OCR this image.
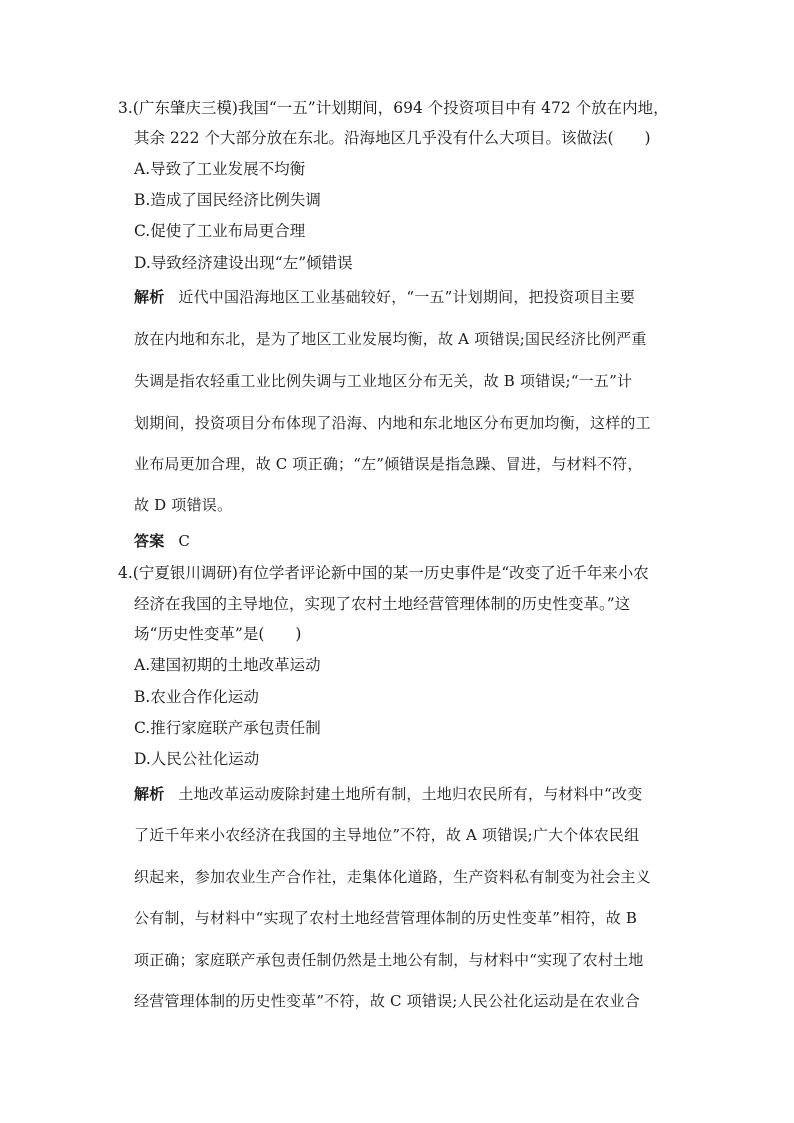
3.(广东肇庆三模)我国“一五”计划期间，694 个投资项目中有 472 个放在内地，
其余 222 个大部分放在东北。沿海地区几乎没有什么大项目。该做法(　　)
A.导致了工业发展不均衡
B.造成了国民经济比例失调
C.促使了工业布局更合理
D.导致经济建设出现“左”倾错误
解析 近代中国沿海地区工业基础较好，“一五”计划期间，把投资项目主要
放在内地和东北，是为了地区工业发展均衡，故 A 项错误;国民经济比例严重
失调是指农轻重工业比例失调与工业地区分布无关，故 B 项错误;“一五”计
划期间，投资项目分布体现了沿海、内地和东北地区分布更加均衡，这样的工
业布局更加合理，故 C 项正确；“左”倾错误是指急躁、冒进，与材料不符，
故 D 项错误。
答案 C
4.(宁夏银川调研)有位学者评论新中国的某一历史事件是“改变了近千年来小农
经济在我国的主导地位，实现了农村土地经营管理体制的历史性变革。”这
场“历史性变革”是(　　)
A.建国初期的土地改革运动
B.农业合作化运动
C.推行家庭联产承包责任制
D.人民公社化运动
解析 土地改革运动废除封建土地所有制，土地归农民所有，与材料中“改变
了近千年来小农经济在我国的主导地位”不符，故 A 项错误;广大个体农民组
织起来，参加农业生产合作社，走集体化道路，生产资料私有制变为社会主义
公有制，与材料中“实现了农村土地经营管理体制的历史性变革”相符，故 B
项正确；家庭联产承包责任制仍然是土地公有制，与材料中“实现了农村土地
经营管理体制的历史性变革”不符，故 C 项错误;人民公社化运动是在农业合
